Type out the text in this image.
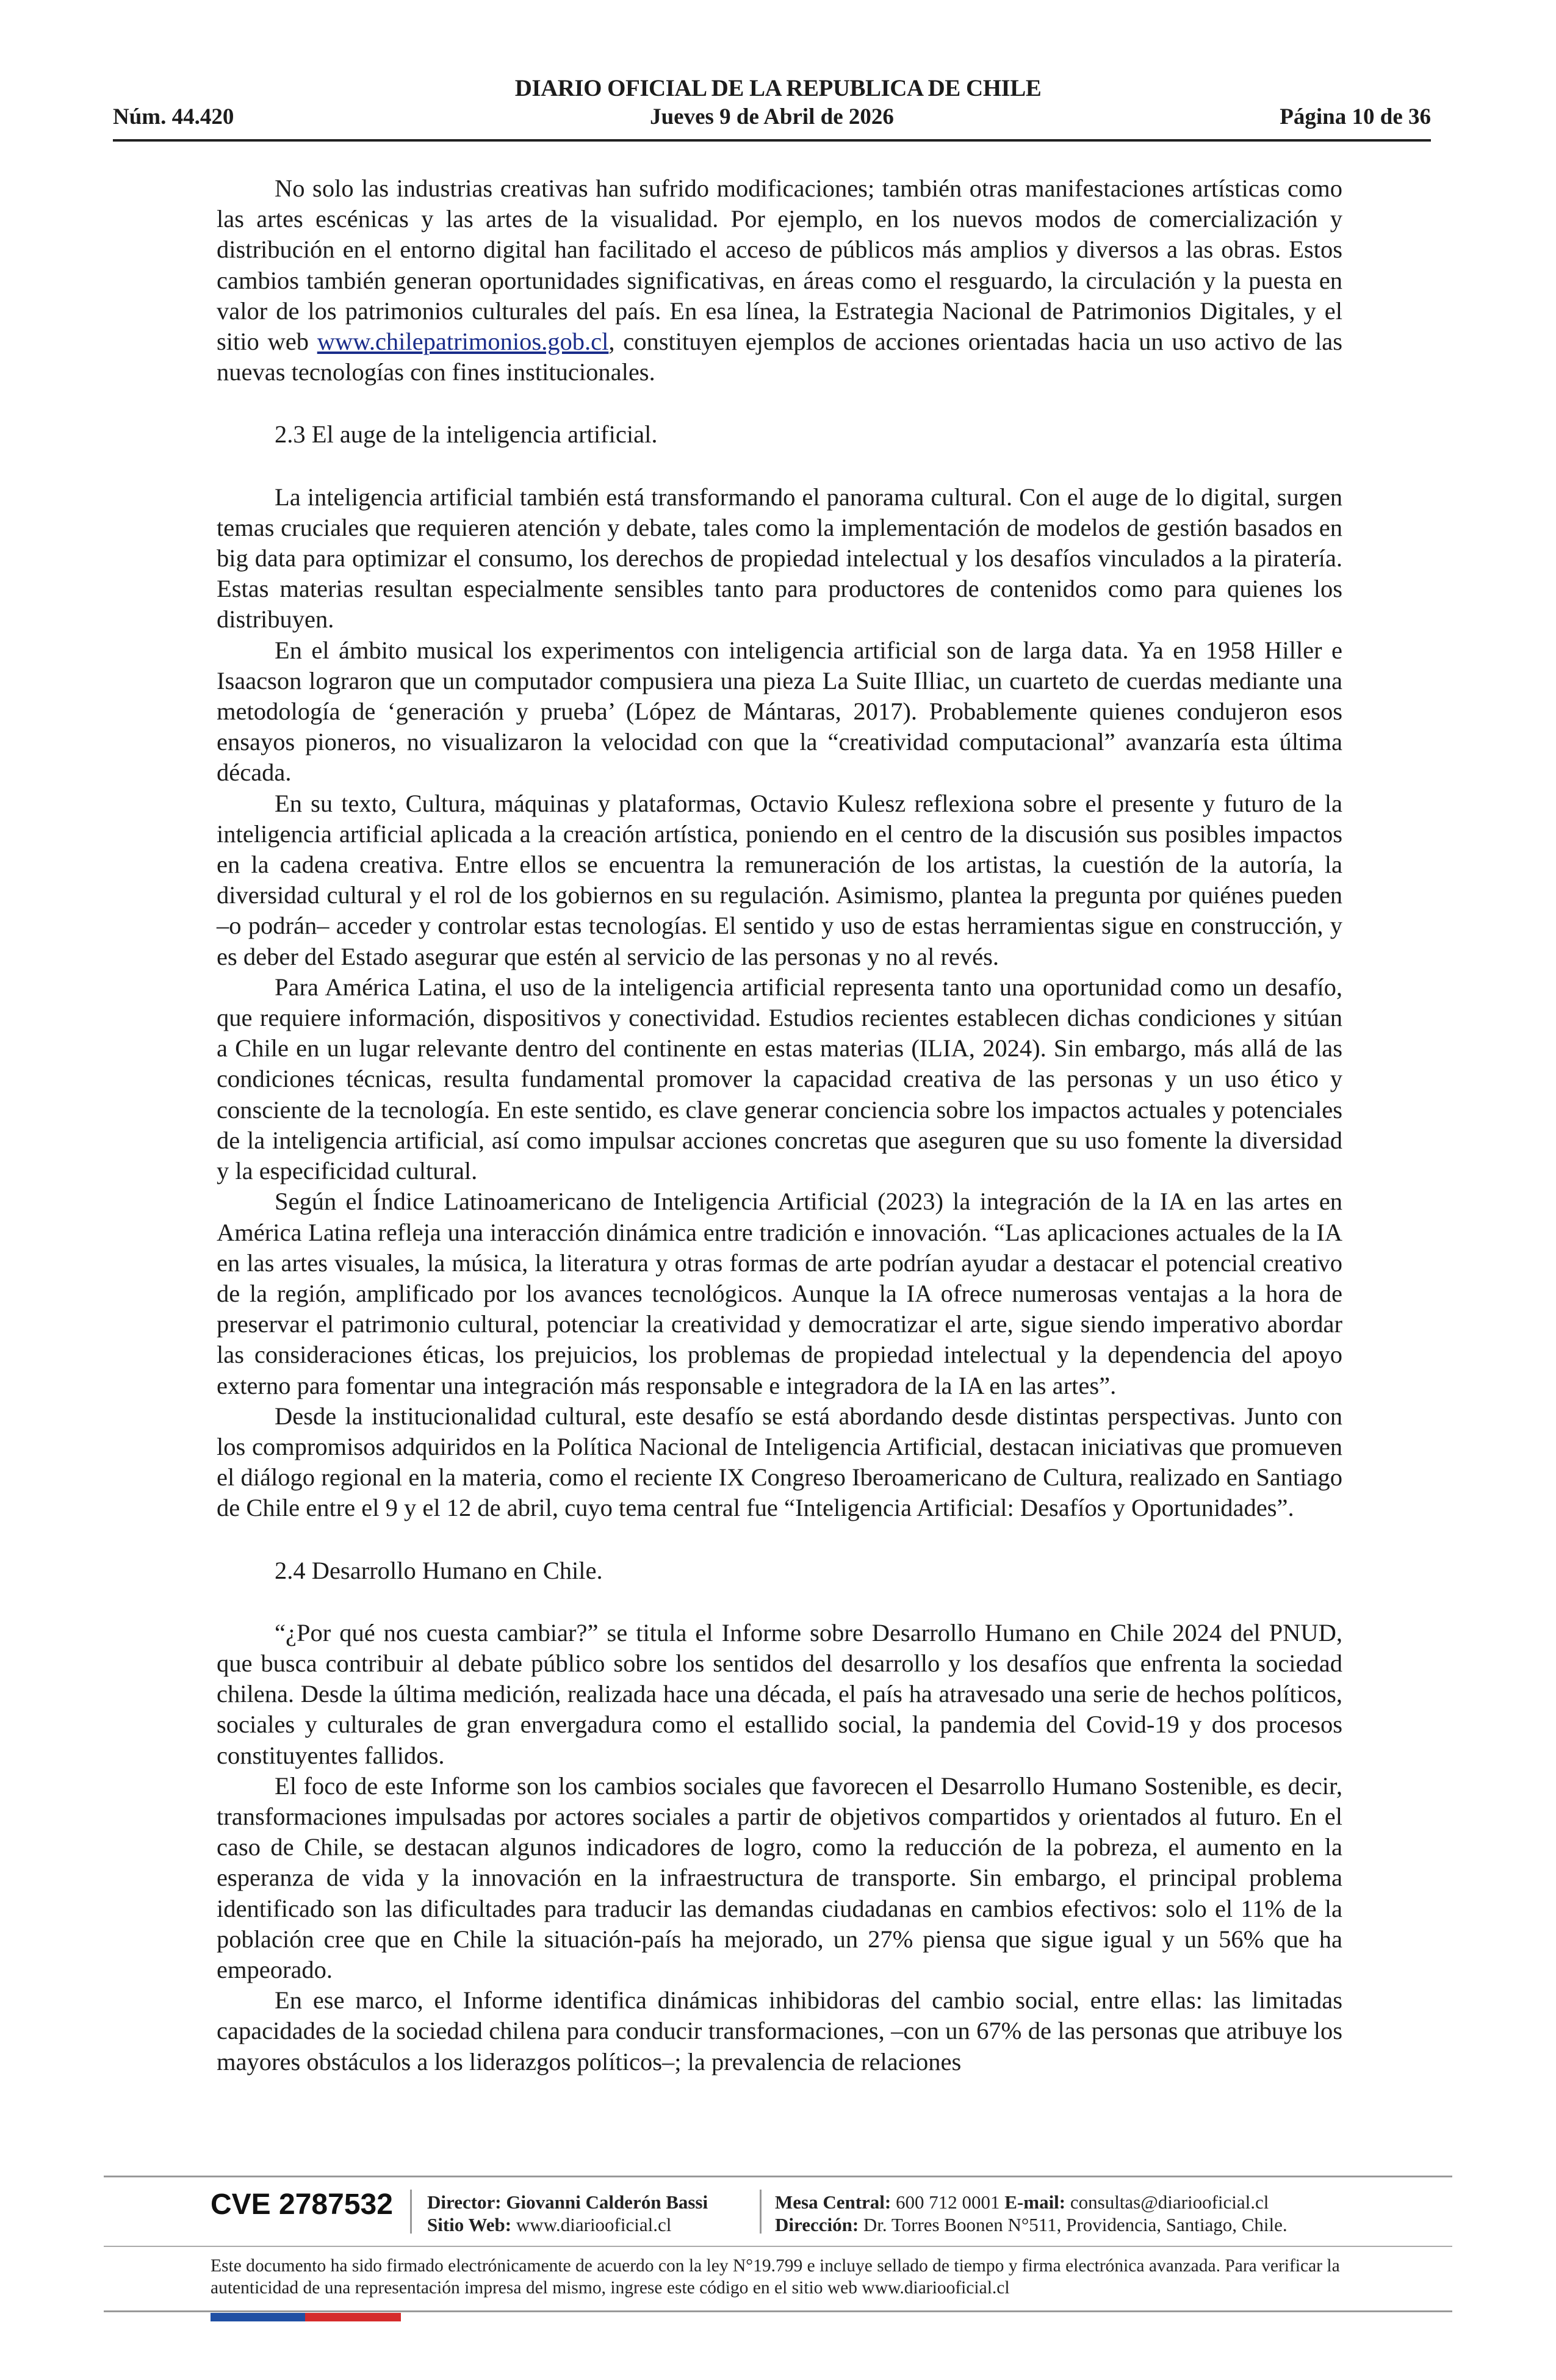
DIARIO OFICIAL DE LA REPUBLICA DE CHILE
Núm. 44.420	Jueves 9 de Abril de 2026	Página 10 de 36

No solo las industrias creativas han sufrido modificaciones; también otras manifestaciones artísticas como las artes escénicas y las artes de la visualidad. Por ejemplo, en los nuevos modos de comercialización y distribución en el entorno digital han facilitado el acceso de públicos más amplios y diversos a las obras. Estos cambios también generan oportunidades significativas, en áreas como el resguardo, la circulación y la puesta en valor de los patrimonios culturales del país. En esa línea, la Estrategia Nacional de Patrimonios Digitales, y el sitio web www.chilepatrimonios.gob.cl, constituyen ejemplos de acciones orientadas hacia un uso activo de las nuevas tecnologías con fines institucionales.

2.3 El auge de la inteligencia artificial.

La inteligencia artificial también está transformando el panorama cultural. Con el auge de lo digital, surgen temas cruciales que requieren atención y debate, tales como la implementación de modelos de gestión basados en big data para optimizar el consumo, los derechos de propiedad intelectual y los desafíos vinculados a la piratería. Estas materias resultan especialmente sensibles tanto para productores de contenidos como para quienes los distribuyen.

En el ámbito musical los experimentos con inteligencia artificial son de larga data. Ya en 1958 Hiller e Isaacson lograron que un computador compusiera una pieza La Suite Illiac, un cuarteto de cuerdas mediante una metodología de ‘generación y prueba’ (López de Mántaras, 2017). Probablemente quienes condujeron esos ensayos pioneros, no visualizaron la velocidad con que la “creatividad computacional” avanzaría esta última década.

En su texto, Cultura, máquinas y plataformas, Octavio Kulesz reflexiona sobre el presente y futuro de la inteligencia artificial aplicada a la creación artística, poniendo en el centro de la discusión sus posibles impactos en la cadena creativa. Entre ellos se encuentra la remuneración de los artistas, la cuestión de la autoría, la diversidad cultural y el rol de los gobiernos en su regulación. Asimismo, plantea la pregunta por quiénes pueden –o podrán– acceder y controlar estas tecnologías. El sentido y uso de estas herramientas sigue en construcción, y es deber del Estado asegurar que estén al servicio de las personas y no al revés.

Para América Latina, el uso de la inteligencia artificial representa tanto una oportunidad como un desafío, que requiere información, dispositivos y conectividad. Estudios recientes establecen dichas condiciones y sitúan a Chile en un lugar relevante dentro del continente en estas materias (ILIA, 2024). Sin embargo, más allá de las condiciones técnicas, resulta fundamental promover la capacidad creativa de las personas y un uso ético y consciente de la tecnología. En este sentido, es clave generar conciencia sobre los impactos actuales y potenciales de la inteligencia artificial, así como impulsar acciones concretas que aseguren que su uso fomente la diversidad y la especificidad cultural.

Según el Índice Latinoamericano de Inteligencia Artificial (2023) la integración de la IA en las artes en América Latina refleja una interacción dinámica entre tradición e innovación. “Las aplicaciones actuales de la IA en las artes visuales, la música, la literatura y otras formas de arte podrían ayudar a destacar el potencial creativo de la región, amplificado por los avances tecnológicos. Aunque la IA ofrece numerosas ventajas a la hora de preservar el patrimonio cultural, potenciar la creatividad y democratizar el arte, sigue siendo imperativo abordar las consideraciones éticas, los prejuicios, los problemas de propiedad intelectual y la dependencia del apoyo externo para fomentar una integración más responsable e integradora de la IA en las artes”.

Desde la institucionalidad cultural, este desafío se está abordando desde distintas perspectivas. Junto con los compromisos adquiridos en la Política Nacional de Inteligencia Artificial, destacan iniciativas que promueven el diálogo regional en la materia, como el reciente IX Congreso Iberoamericano de Cultura, realizado en Santiago de Chile entre el 9 y el 12 de abril, cuyo tema central fue “Inteligencia Artificial: Desafíos y Oportunidades”.

2.4 Desarrollo Humano en Chile.

“¿Por qué nos cuesta cambiar?” se titula el Informe sobre Desarrollo Humano en Chile 2024 del PNUD, que busca contribuir al debate público sobre los sentidos del desarrollo y los desafíos que enfrenta la sociedad chilena. Desde la última medición, realizada hace una década, el país ha atravesado una serie de hechos políticos, sociales y culturales de gran envergadura como el estallido social, la pandemia del Covid-19 y dos procesos constituyentes fallidos.

El foco de este Informe son los cambios sociales que favorecen el Desarrollo Humano Sostenible, es decir, transformaciones impulsadas por actores sociales a partir de objetivos compartidos y orientados al futuro. En el caso de Chile, se destacan algunos indicadores de logro, como la reducción de la pobreza, el aumento en la esperanza de vida y la innovación en la infraestructura de transporte. Sin embargo, el principal problema identificado son las dificultades para traducir las demandas ciudadanas en cambios efectivos: solo el 11% de la población cree que en Chile la situación-país ha mejorado, un 27% piensa que sigue igual y un 56% que ha empeorado.

En ese marco, el Informe identifica dinámicas inhibidoras del cambio social, entre ellas: las limitadas capacidades de la sociedad chilena para conducir transformaciones, –con un 67% de las personas que atribuye los mayores obstáculos a los liderazgos políticos–; la prevalencia de relaciones

CVE 2787532 Director: Giovanni Calderón Bassi
Sitio Web: www.diariooficial.cl
Mesa Central: 600 712 0001 E-mail: consultas@diariooficial.cl
Dirección: Dr. Torres Boonen N°511, Providencia, Santiago, Chile.
Este documento ha sido firmado electrónicamente de acuerdo con la ley N°19.799 e incluye sellado de tiempo y firma electrónica avanzada. Para verificar la autenticidad de una representación impresa del mismo, ingrese este código en el sitio web www.diariooficial.cl
